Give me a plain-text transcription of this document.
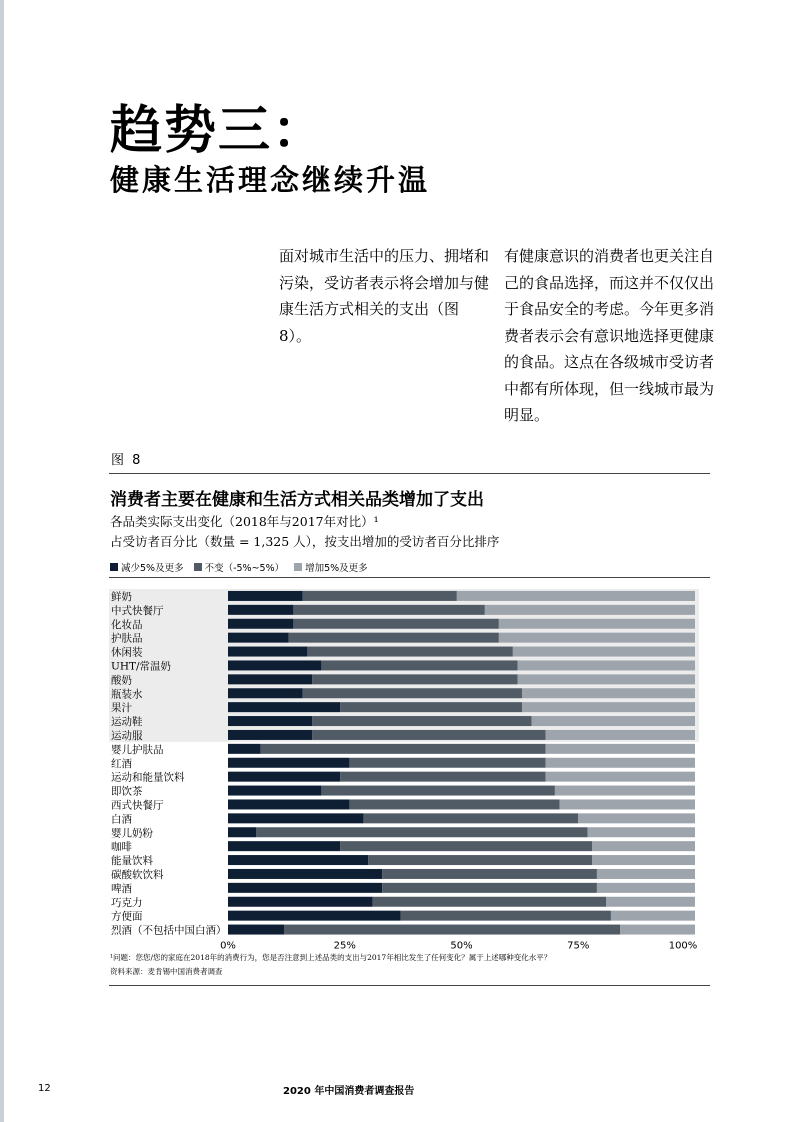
趋势三：
健康生活理念继续升温
面对城市生活中的压力、拥堵和污染，受访者表示将会增加与健康生活方式相关的支出（图8）。
有健康意识的消费者也更关注自己的食品选择，而这并不仅仅出于食品安全的考虑。今年更多消费者表示会有意识地选择更健康的食品。这点在各级城市受访者中都有所体现，但一线城市最为明显。
图 8
消费者主要在健康和生活方式相关品类增加了支出
各品类实际支出变化（2018年与2017年对比）¹
占受访者百分比（数量 = 1,325 人），按支出增加的受访者百分比排序
减少5%及更多 不变（-5%~5%） 增加5%及更多
鲜奶
中式快餐厅
化妆品
护肤品
休闲装
UHT/常温奶
酸奶
瓶装水
果汁
运动鞋
运动服
婴儿护肤品
红酒
运动和能量饮料
即饮茶
西式快餐厅
白酒
婴儿奶粉
咖啡
能量饮料
碳酸软饮料
啤酒
巧克力
方便面
烈酒（不包括中国白酒）
0%	25%	50%	75%	100%
¹问题：您您/您的家庭在2018年的消费行为，您是否注意到上述品类的支出与2017年相比发生了任何变化？属于上述哪种变化水平？
资料来源：麦肯锡中国消费者调查
12	2020 年中国消费者调查报告
